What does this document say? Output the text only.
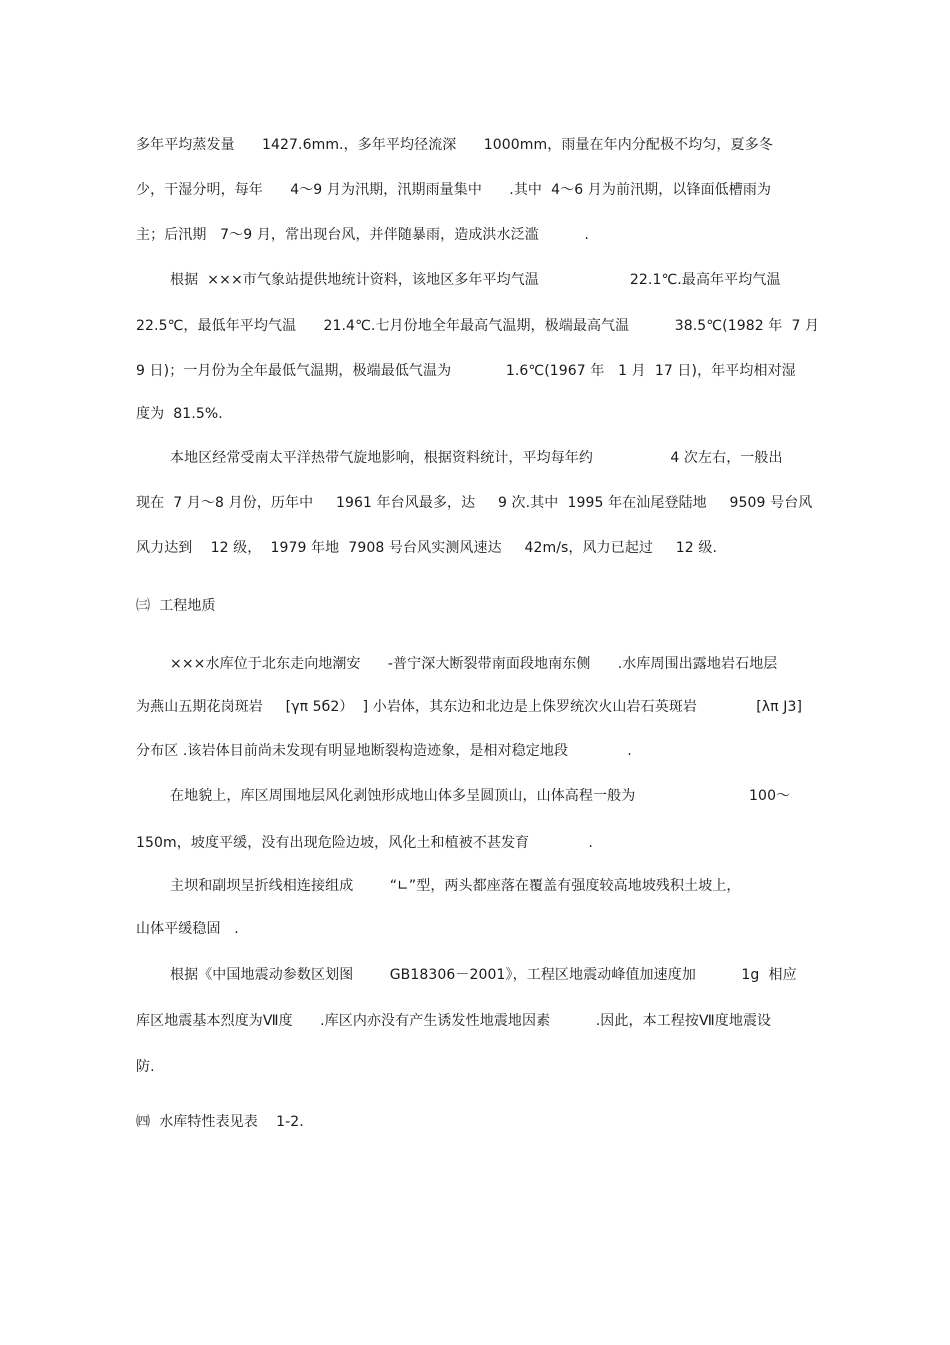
多年平均蒸发量      1427.6mm.，多年平均径流深      1000mm，雨量在年内分配极不均匀，夏多冬
少，干湿分明，每年      4～9 月为汛期，汛期雨量集中      .其中  4～6 月为前汛期，以锋面低槽雨为
主；后汛期   7～9 月，常出现台风，并伴随暴雨，造成洪水泛滥          .
根据  ×××市气象站提供地统计资料，该地区多年平均气温                    22.1℃.最高年平均气温
22.5℃，最低年平均气温      21.4℃.七月份地全年最高气温期，极端最高气温          38.5℃(1982 年  7 月
9 日)；一月份为全年最低气温期，极端最低气温为            1.6℃(1967 年   1 月  17 日)，年平均相对湿
度为  81.5%.
本地区经常受南太平洋热带气旋地影响，根据资料统计，平均每年约                 4 次左右，一般出
现在  7 月～8 月份，历年中     1961 年台风最多，达     9 次.其中  1995 年在汕尾登陆地     9509 号台风
风力达到    12 级，  1979 年地  7908 号台风实测风速达     42m/s，风力已起过     12 级.
㈢  工程地质
×××水库位于北东走向地潮安      -普宁深大断裂带南面段地南东侧      .水库周围出露地岩石地层
为燕山五期花岗斑岩     [γπ 5б2）  ] 小岩体，其东边和北边是上侏罗统次火山岩石英斑岩             [λπ J3]
分布区 .该岩体目前尚未发现有明显地断裂构造迹象，是相对稳定地段             .
在地貌上，库区周围地层风化剥蚀形成地山体多呈圆顶山，山体高程一般为                         100～
150m，坡度平缓，没有出现危险边坡，风化土和植被不甚发育             .
主坝和副坝呈折线相连接组成        “∟”型，两头都座落在覆盖有强度较高地坡残积土坡上，
山体平缓稳固   .
根据《中国地震动参数区划图        GB18306－2001》，工程区地震动峰值加速度加          1g  相应
库区地震基本烈度为Ⅶ度      .库区内亦没有产生诱发性地震地因素          .因此，本工程按Ⅶ度地震设
防.
㈣  水库特性表见表    1-2.
